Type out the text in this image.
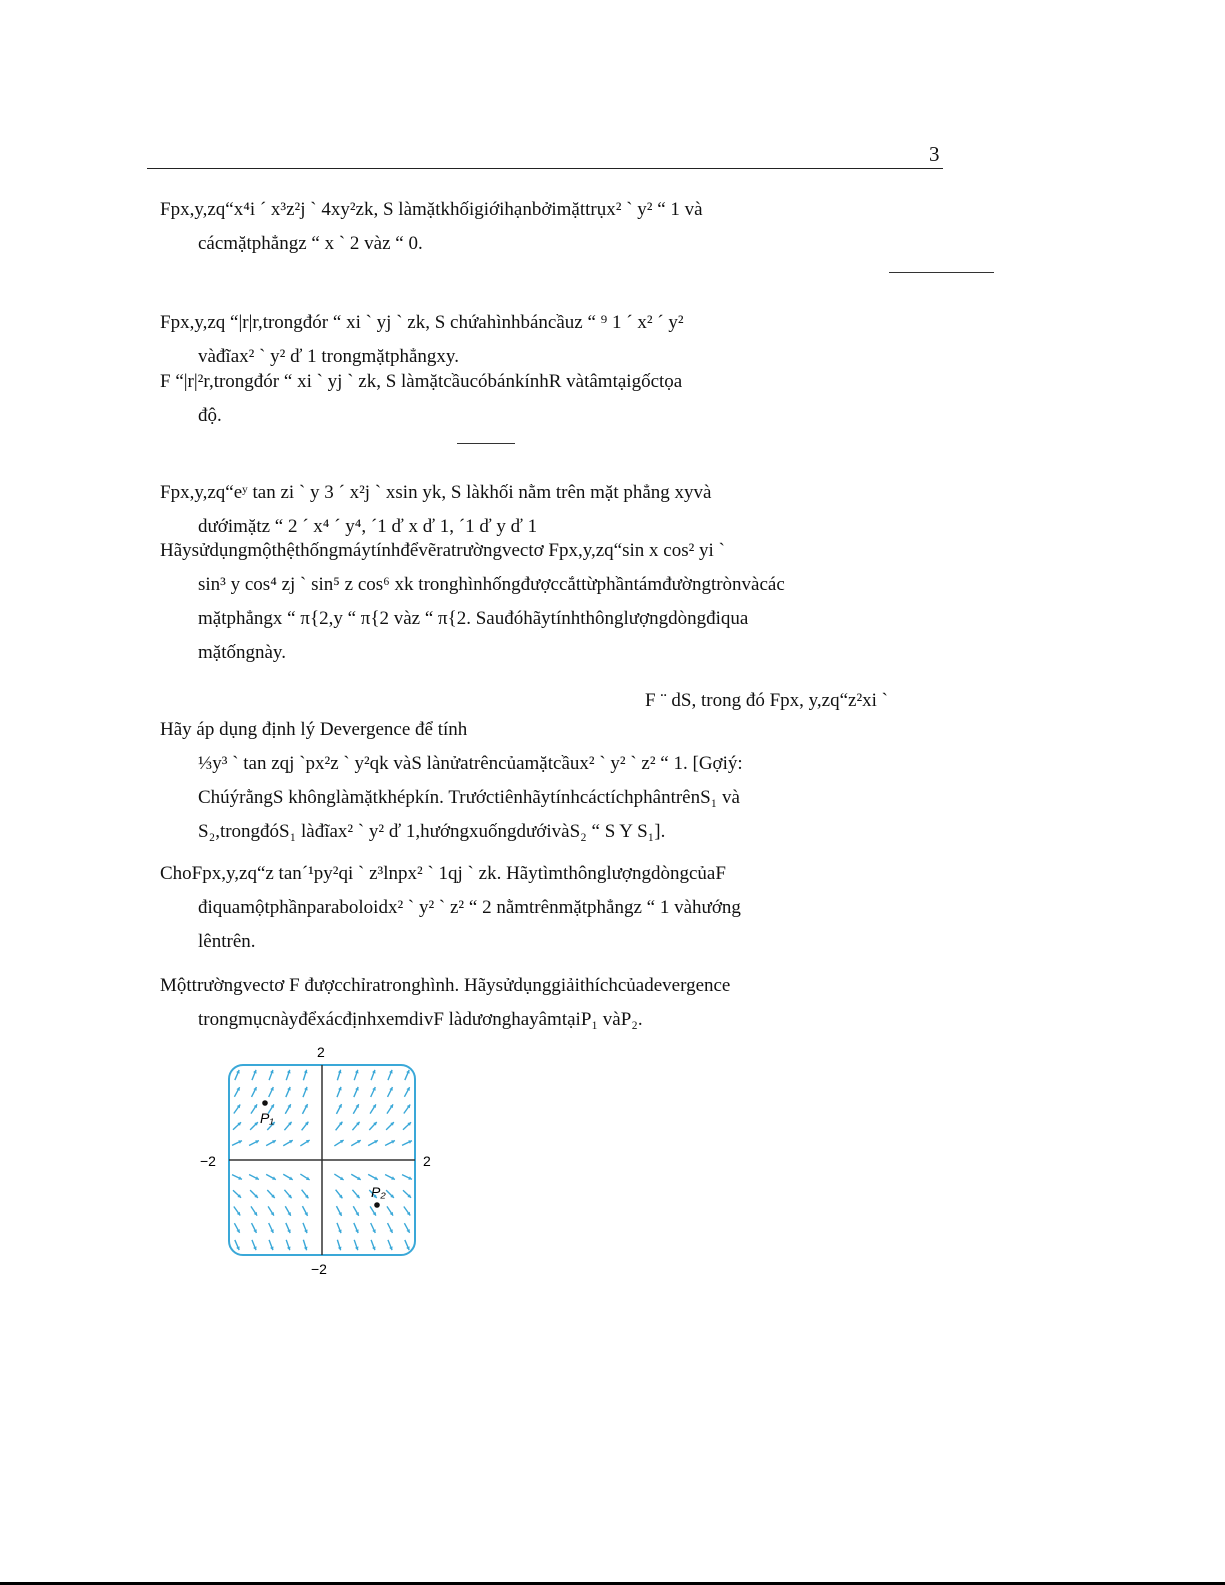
3
Fpx,y,zq“x⁴i ´ x³z²j ` 4xy²zk, S làmặtkhốigiớihạnbởimặttrụx² ` y² “ 1 và
cácmặtphẳngz “ x ` 2 vàz “ 0.
Fpx,y,zq “|r|r,trongđór “ xi ` yj ` zk, S chứahìnhbáncầuz “ ⁹ 1 ´ x² ´ y²
vàđĩax² ` y² ď 1 trongmặtphẳngxy.
F “|r|²r,trongđór “ xi ` yj ` zk, S làmặtcầucóbánkínhR vàtâmtạigốctọa
độ.
Fpx,y,zq“eʸ tan zi ` y 3 ´ x²j ` xsin yk, S làkhối nằm trên mặt phẳng xyvà
dướimặtz “ 2 ´ x⁴ ´ y⁴, ´1 ď x ď 1, ´1 ď y ď 1
Hãysửdụngmộthệthốngmáytínhđểvẽratrườngvectơ Fpx,y,zq“sin x cos² yi `
sin³ y cos⁴ zj ` sin⁵ z cos⁶ xk tronghìnhốngđượccắttừphầntámđườngtrònvàcác
mặtphẳngx “ π{2,y “ π{2 vàz “ π{2. Sauđóhãytínhthônglượngdòngđiqua
mặtốngnày.
F ¨ dS, trong đó Fpx, y,zq“z²xi `
Hãy áp dụng định lý Devergence để tính
⅓y³ ` tan zqj `px²z ` y²qk vàS lànửatrêncủamặtcầux² ` y² ` z² “ 1. [Gợiý:
ChúýrằngS khônglàmặtkhépkín. TrướctiênhãytínhcáctíchphântrênS₁ và
S₂,trongđóS₁ làđĩax² ` y² ď 1,hướngxuốngdướivàS₂ “ S Y S₁].
ChoFpx,y,zq“z tan´¹py²qi ` z³lnpx² ` 1qj ` zk. HãytìmthônglượngdòngcủaF
điquamộtphầnparaboloidx² ` y² ` z² “ 2 nằmtrênmặtphẳngz “ 1 vàhướng
lêntrên.
Mộttrườngvectơ F đượcchỉratronghình. Hãysửdụnggiảithíchcủadevergence
trongmụcnàyđểxácđịnhxemdivF làdươnghayâmtạiP₁ vàP₂.
P₁
P₂
2
−2
−2	2
